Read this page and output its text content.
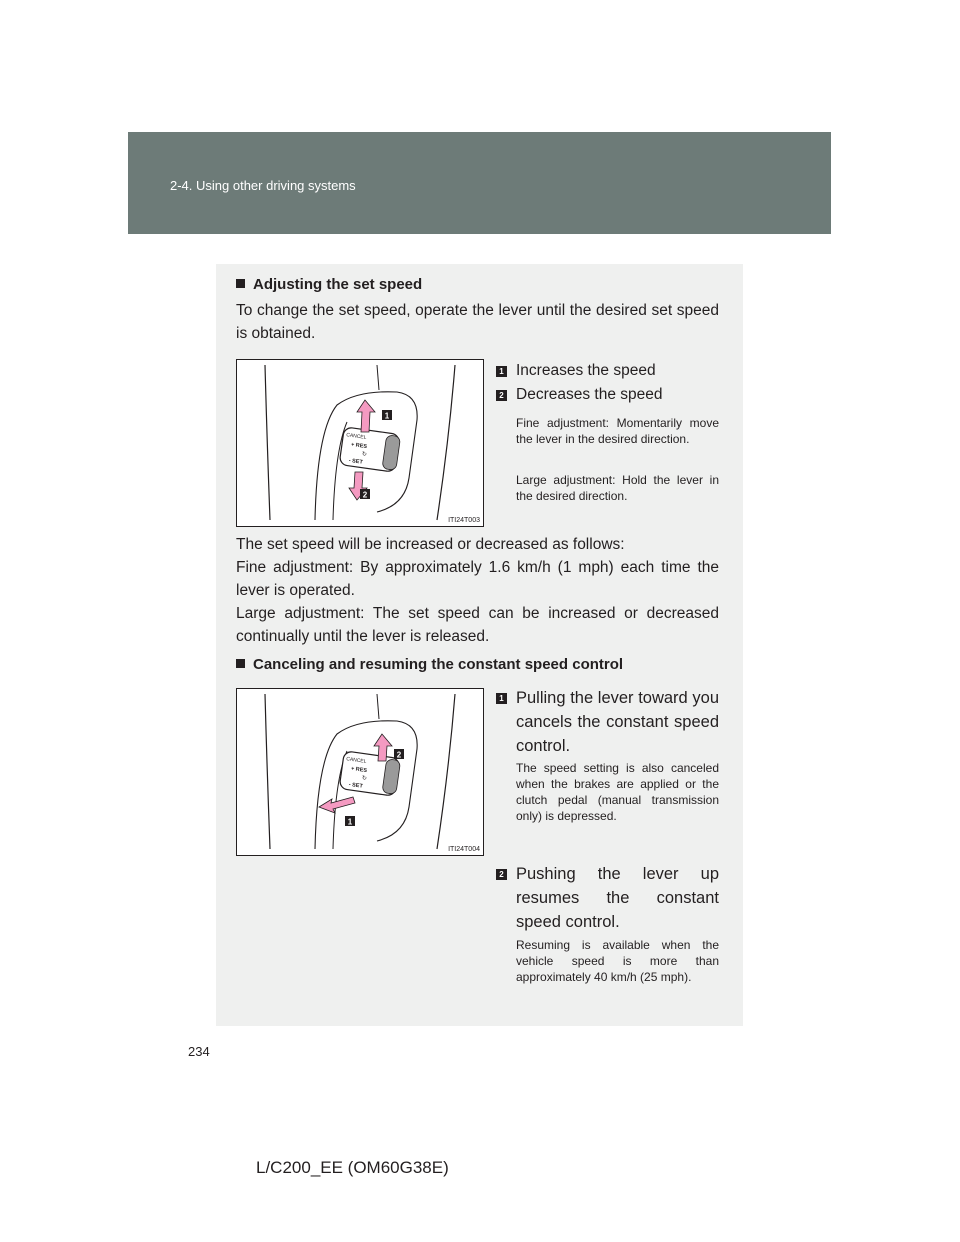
2-4. Using other driving systems
Adjusting the set speed

To change the set speed, operate the lever until the desired set speed is obtained.

CANCEL
+ RES
↻
- SET
1
2
ITI24T003
1 Increases the speed
2 Decreases the speed

Fine adjustment: Momentarily move the lever in the desired direction.

Large adjustment: Hold the lever in the desired direction.

The set speed will be increased or decreased as follows:

Fine adjustment: By approximately 1.6 km/h (1 mph) each time the lever is operated.

Large adjustment: The set speed can be increased or decreased continually until the lever is released.

Canceling and resuming the constant speed control
CANCEL
+ RES
↻
- SET
2
1
ITI24T004
1 Pulling the lever toward you cancels the constant speed control.

The speed setting is also canceled when the brakes are applied or the clutch pedal (manual transmission only) is depressed.

2 Pushing the lever up resumes the constant speed control.

Resuming is available when the vehicle speed is more than approximately 40 km/h (25 mph).

234
L/C200_EE (OM60G38E)
